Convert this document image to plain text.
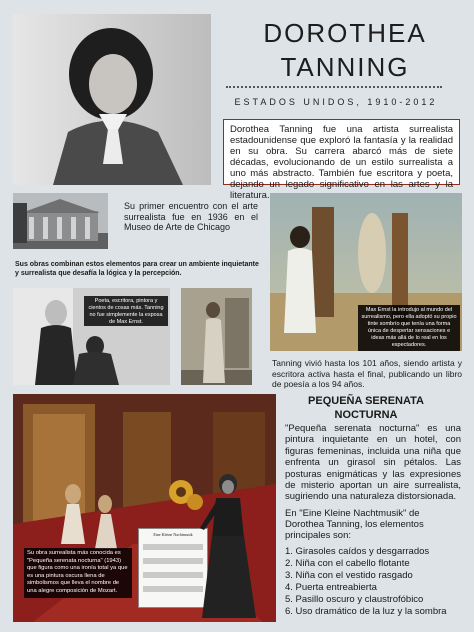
DOROTHEA
TANNING
ESTADOS UNIDOS, 1910-2012
Dorothea Tanning fue una artista surrealista estadounidense que exploró la fantasía y la realidad en su obra. Su carrera abarcó más de siete décadas, evolucionando de un estilo surrealista a uno más abstracto. También fue escritora y poeta, dejando un legado significativo en las artes y la literatura.
Su primer encuentro con el arte surrealista fue en 1936 en el Museo de Arte de Chicago
Sus obras combinan estos elementos para crear un ambiente inquietante y surrealista que desafía la lógica y la percepción.
Poeta, escritora, pintora y cientos de cosas más. Tanning no fue simplemente la esposa de Max Ernst.
Max Ernst la introdujo al mundo del surrealismo, pero ella adoptó su propio tinte sombrío que tenía una forma única de despertar sensaciones e ideas más allá de lo real en los espectadores.
Tanning vivió hasta los 101 años, siendo artista y escritora activa hasta el final, publicando un libro de poesía a los 94 años.
Eine Kleine Nachtmusik
Su obra surrealista más conocida es "Pequeña serenata nocturna" (1943) que figura como una ironía total ya que es una pintura oscura llena de simbolismos que lleva el nombre de una alegre composición de Mozart.
PEQUEÑA SERENATA NOCTURNA
"Pequeña serenata nocturna" es una pintura inquietante en un hotel, con figuras femeninas, incluida una niña que enfrenta un girasol sin pétalos. Las posturas enigmáticas y las expresiones de misterio aportan un aire surrealista, sugiriendo una naturaleza distorsionada.
En "Eine Kleine Nachtmusik" de Dorothea Tanning, los elementos principales son:
1. Girasoles caídos y desgarrados
2. Niña con el cabello flotante
3. Niña con el vestido rasgado
4. Puerta entreabierta
5. Pasillo oscuro y claustrofóbico
6. Uso dramático de la luz y la sombra
